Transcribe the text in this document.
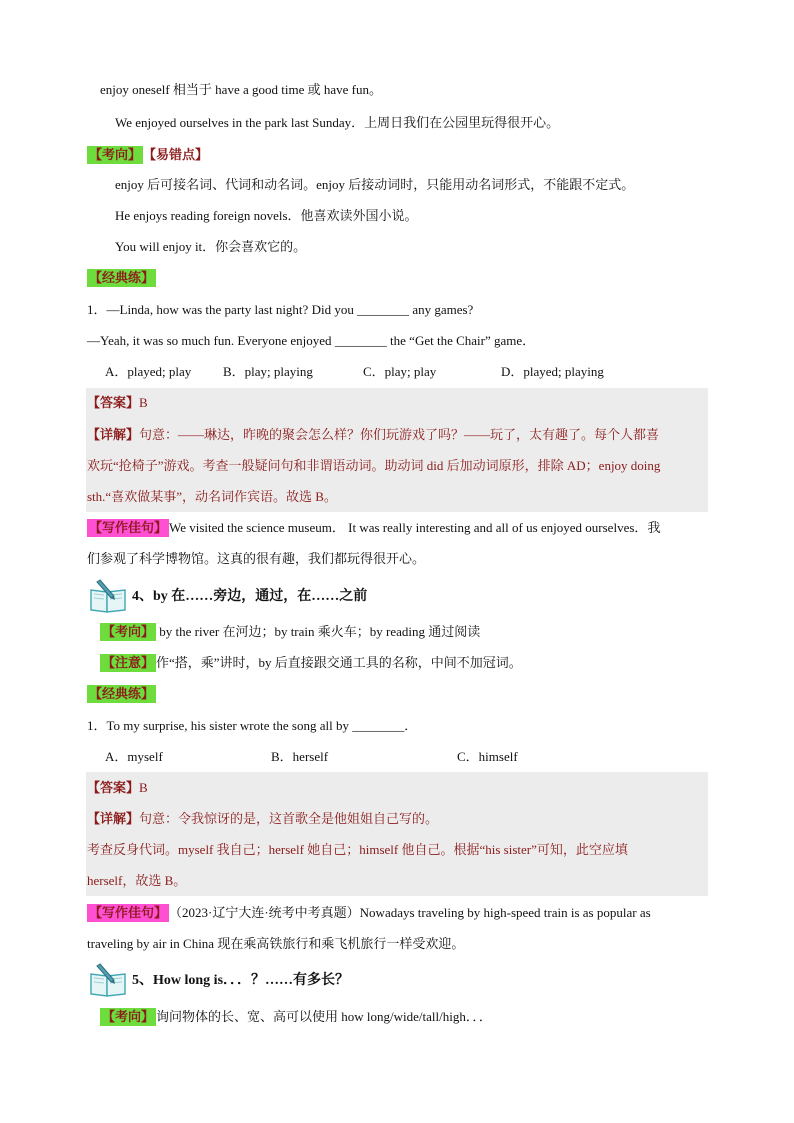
enjoy oneself 相当于 have a good time 或 have fun。
We enjoyed ourselves in the park last Sunday．上周日我们在公园里玩得很开心。
【考向】 【易错点】
enjoy 后可接名词、代词和动名词。enjoy 后接动词时，只能用动名词形式，不能跟不定式。
He enjoys reading foreign novels．他喜欢读外国小说。
You will enjoy it．你会喜欢它的。
【经典练】
1．—Linda, how was the party last night? Did you ________ any games?
—Yeah, it was so much fun. Everyone enjoyed ________ the “Get the Chair” game．
A．played; play B．play; playing	C．play; play	D．played; playing
【答案】B
【详解】句意：——琳达，昨晚的聚会怎么样？你们玩游戏了吗？——玩了，太有趣了。每个人都喜
欢玩“抢椅子”游戏。考查一般疑问句和非谓语动词。助动词 did 后加动词原形，排除 AD；enjoy doing
sth.“喜欢做某事”，动名词作宾语。故选 B。
【写作佳句】 We visited the science museum． It was really interesting and all of us enjoyed ourselves．我
们参观了科学博物馆。这真的很有趣，我们都玩得很开心。
4、by 在……旁边，通过，在……之前
【考向】 by the river 在河边；by train 乘火车；by reading 通过阅读
【注意】 作“搭，乘”讲时，by 后直接跟交通工具的名称，中间不加冠词。
【经典练】
1．To my surprise, his sister wrote the song all by ________．
A．myself	B．herself	C．himself
【答案】B
【详解】句意：令我惊讶的是，这首歌全是他姐姐自己写的。
考查反身代词。myself 我自己；herself 她自己；himself 他自己。根据“his sister”可知，此空应填
herself，故选 B。
【写作佳句】 （2023·辽宁大连·统考中考真题）Nowadays traveling by high-speed train is as popular as
traveling by air in China 现在乘高铁旅行和乘飞机旅行一样受欢迎。
5、How long is．．．？……有多长？
【考向】 询问物体的长、宽、高可以使用 how long/wide/tall/high．．．
